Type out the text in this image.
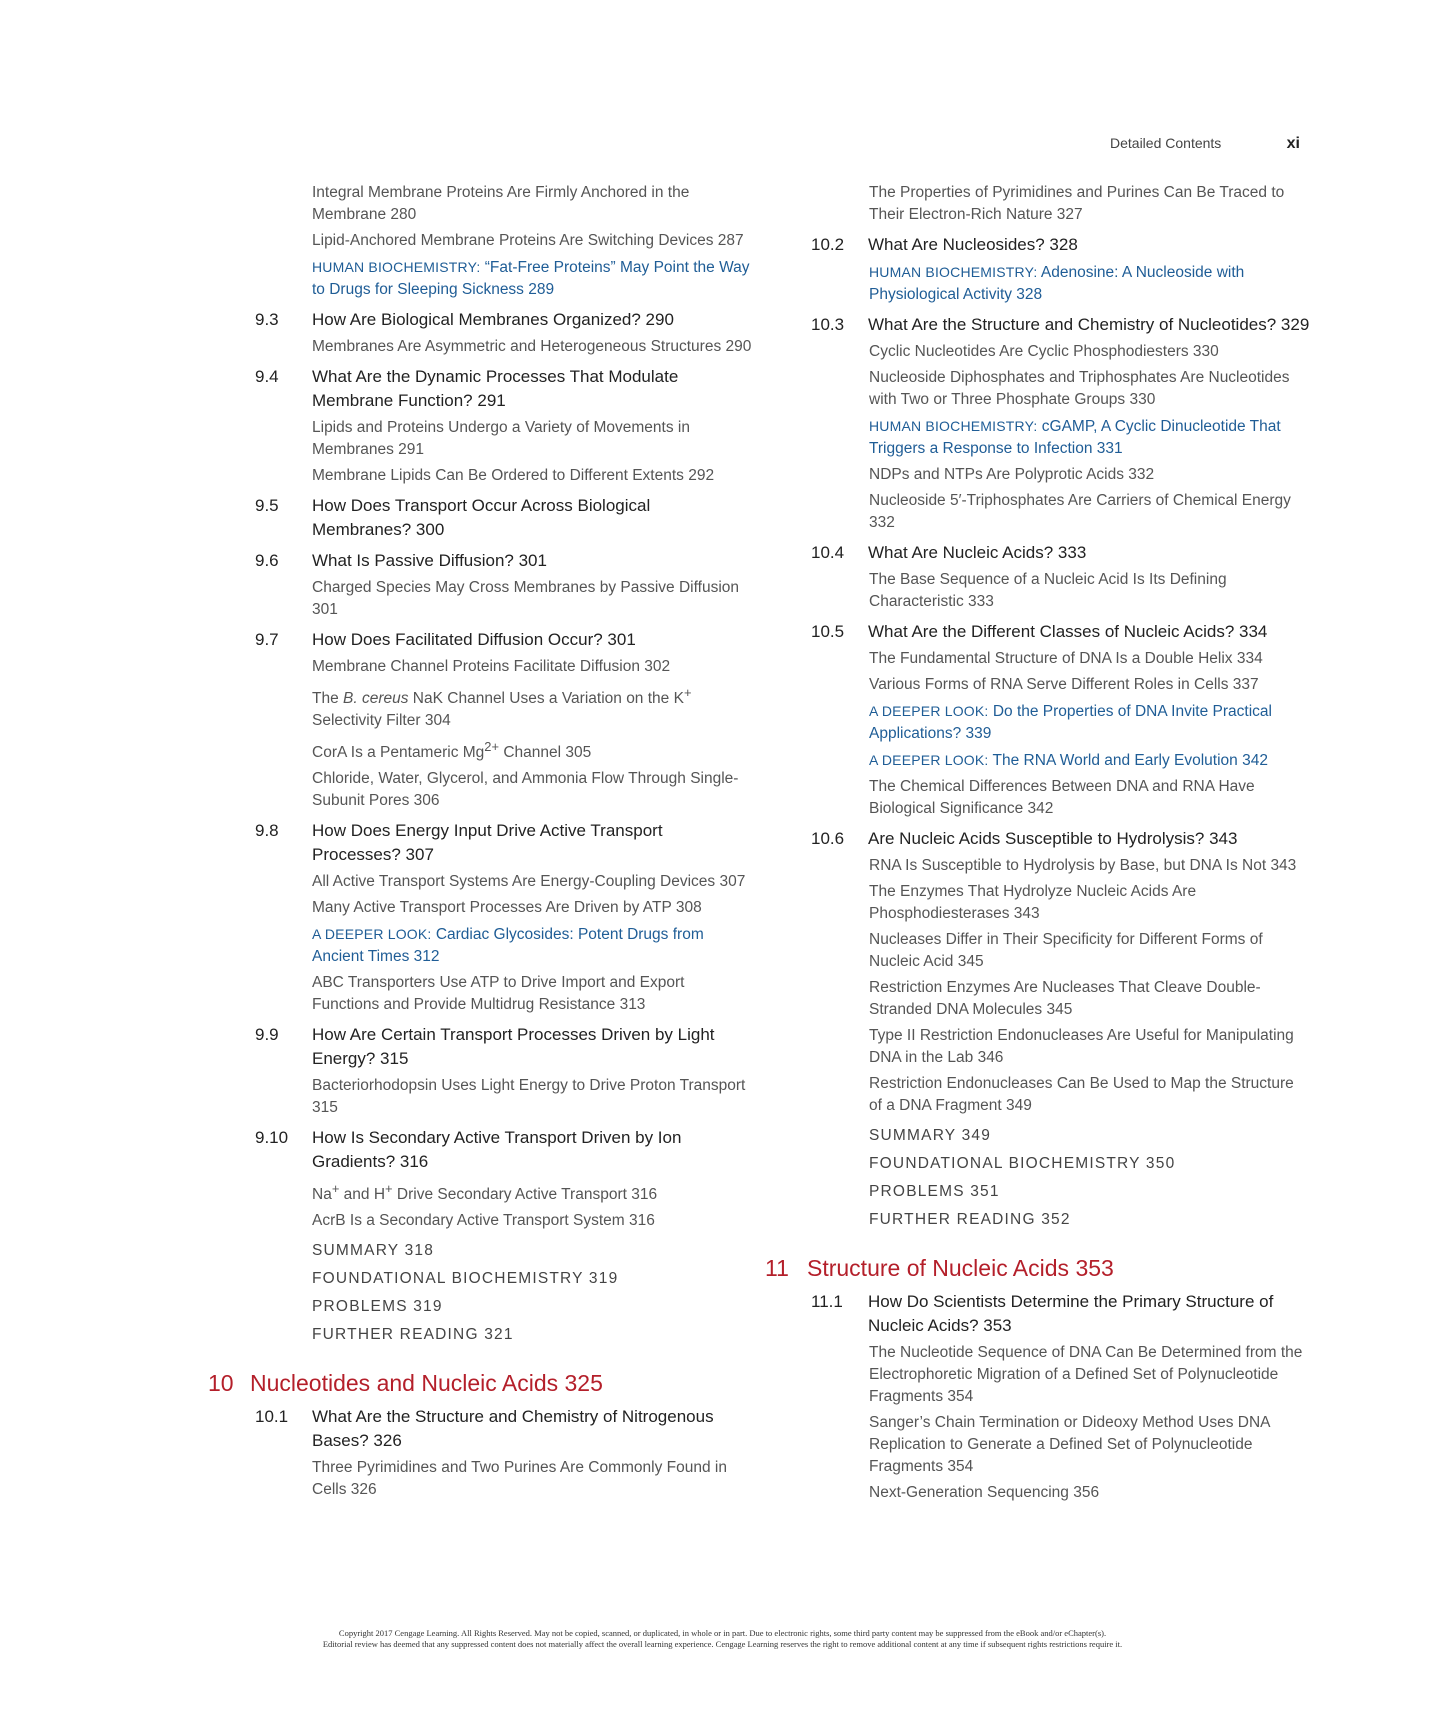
Detailed Contents	xi
Integral Membrane Proteins Are Firmly Anchored in the Membrane 280
Lipid-Anchored Membrane Proteins Are Switching Devices 287
HUMAN BIOCHEMISTRY: “Fat-Free Proteins” May Point the Way to Drugs for Sleeping Sickness 289
9.3	How Are Biological Membranes Organized? 290
Membranes Are Asymmetric and Heterogeneous Structures 290
9.4	What Are the Dynamic Processes That Modulate Membrane Function? 291
Lipids and Proteins Undergo a Variety of Movements in Membranes 291
Membrane Lipids Can Be Ordered to Different Extents 292
9.5	How Does Transport Occur Across Biological Membranes? 300
9.6	What Is Passive Diffusion? 301
Charged Species May Cross Membranes by Passive Diffusion 301
9.7	How Does Facilitated Diffusion Occur? 301
Membrane Channel Proteins Facilitate Diffusion 302
The B. cereus NaK Channel Uses a Variation on the K+ Selectivity Filter 304
CorA Is a Pentameric $Mg^{2+}$ Channel 305
Chloride, Water, Glycerol, and Ammonia Flow Through Single-Subunit Pores 306
9.8	How Does Energy Input Drive Active Transport Processes? 307
All Active Transport Systems Are Energy-Coupling Devices 307
Many Active Transport Processes Are Driven by ATP 308
A DEEPER LOOK: Cardiac Glycosides: Potent Drugs from Ancient Times 312
ABC Transporters Use ATP to Drive Import and Export Functions and Provide Multidrug Resistance 313
9.9	How Are Certain Transport Processes Driven by Light Energy? 315
Bacteriorhodopsin Uses Light Energy to Drive Proton Transport 315
9.10	How Is Secondary Active Transport Driven by Ion Gradients? 316
Na+ and H+ Drive Secondary Active Transport 316
AcrB Is a Secondary Active Transport System 316
SUMMARY 318
FOUNDATIONAL BIOCHEMISTRY 319
PROBLEMS 319
FURTHER READING 321
10 Nucleotides and Nucleic Acids 325
10.1	What Are the Structure and Chemistry of Nitrogenous Bases? 326
Three Pyrimidines and Two Purines Are Commonly Found in Cells 326
The Properties of Pyrimidines and Purines Can Be Traced to Their Electron-Rich Nature 327
10.2	What Are Nucleosides? 328
HUMAN BIOCHEMISTRY: Adenosine: A Nucleoside with Physiological Activity 328
10.3	What Are the Structure and Chemistry of Nucleotides? 329
Cyclic Nucleotides Are Cyclic Phosphodiesters 330
Nucleoside Diphosphates and Triphosphates Are Nucleotides with Two or Three Phosphate Groups 330
HUMAN BIOCHEMISTRY: cGAMP, A Cyclic Dinucleotide That Triggers a Response to Infection 331
NDPs and NTPs Are Polyprotic Acids 332
Nucleoside 5′-Triphosphates Are Carriers of Chemical Energy 332
10.4	What Are Nucleic Acids? 333
The Base Sequence of a Nucleic Acid Is Its Defining Characteristic 333
10.5	What Are the Different Classes of Nucleic Acids? 334
The Fundamental Structure of DNA Is a Double Helix 334
Various Forms of RNA Serve Different Roles in Cells 337
A DEEPER LOOK: Do the Properties of DNA Invite Practical Applications? 339
A DEEPER LOOK: The RNA World and Early Evolution 342
The Chemical Differences Between DNA and RNA Have Biological Significance 342
10.6	Are Nucleic Acids Susceptible to Hydrolysis? 343
RNA Is Susceptible to Hydrolysis by Base, but DNA Is Not 343
The Enzymes That Hydrolyze Nucleic Acids Are Phosphodiesterases 343
Nucleases Differ in Their Specificity for Different Forms of Nucleic Acid 345
Restriction Enzymes Are Nucleases That Cleave Double-Stranded DNA Molecules 345
Type II Restriction Endonucleases Are Useful for Manipulating DNA in the Lab 346
Restriction Endonucleases Can Be Used to Map the Structure of a DNA Fragment 349
SUMMARY 349
FOUNDATIONAL BIOCHEMISTRY 350
PROBLEMS 351
FURTHER READING 352
11 Structure of Nucleic Acids 353
11.1	How Do Scientists Determine the Primary Structure of Nucleic Acids? 353
The Nucleotide Sequence of DNA Can Be Determined from the Electrophoretic Migration of a Defined Set of Polynucleotide Fragments 354
Sanger’s Chain Termination or Dideoxy Method Uses DNA Replication to Generate a Defined Set of Polynucleotide Fragments 354
Next-Generation Sequencing 356
Copyright 2017 Cengage Learning. All Rights Reserved. May not be copied, scanned, or duplicated, in whole or in part. Due to electronic rights, some third party content may be suppressed from the eBook and/or eChapter(s).
Editorial review has deemed that any suppressed content does not materially affect the overall learning experience. Cengage Learning reserves the right to remove additional content at any time if subsequent rights restrictions require it.
